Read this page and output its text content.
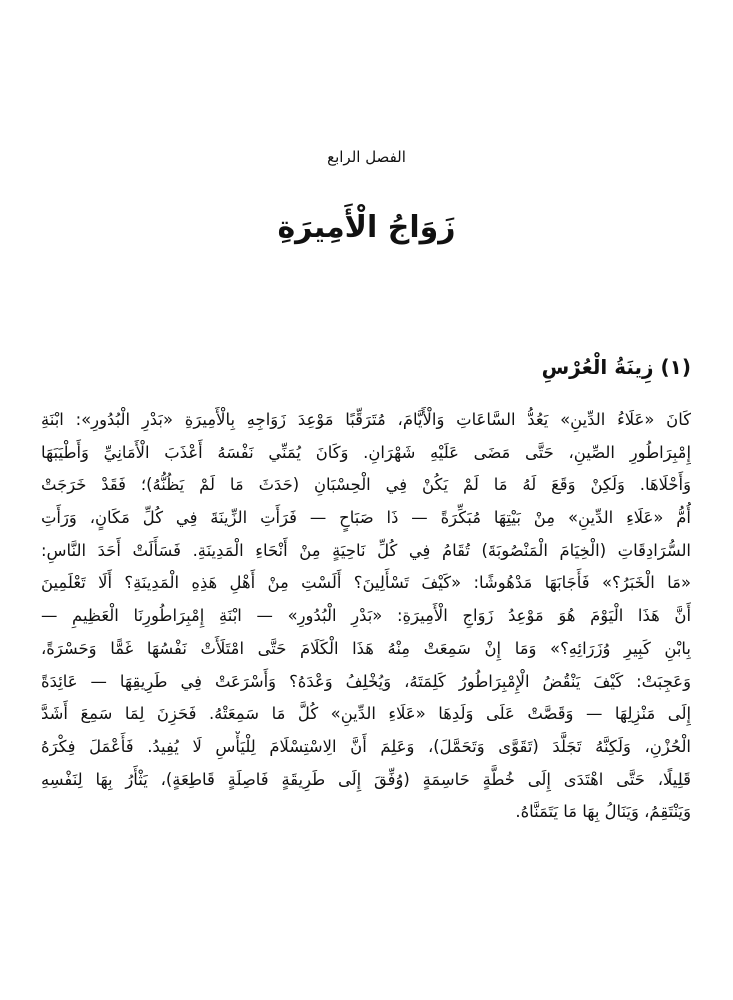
الفصل الرابع

زَوَاجُ الْأَمِيرَةِ
(١) زِينَةُ الْعُرْسِ
كَانَ «عَلَاءُ الدِّينِ» يَعُدُّ السَّاعَاتِ وَالْأَيَّامَ، مُتَرَقِّبًا مَوْعِدَ زَوَاجِهِ بِالْأَمِيرَةِ «بَدْرِ الْبُدُورِ»: ابْنَةِ
إِمْبِرَاطُورِ الصِّينِ، حَتَّى مَضَى عَلَيْهِ شَهْرَانِ. وَكَانَ يُمَنِّي نَفْسَهُ أَعْذَبَ الْأَمَانِيِّ وَأَطْيَبَهَا
وَأَحْلَاهَا. وَلَكِنْ وَقَعَ لَهُ مَا لَمْ يَكُنْ فِي الْحِسْبَانِ (حَدَثَ مَا لَمْ يَظُنُّهُ)؛ فَقَدْ خَرَجَتْ
أُمُّ «عَلَاءِ الدِّينِ» مِنْ بَيْتِهَا مُبَكِّرَةً — ذَا صَبَاحٍ — فَرَأَتِ الزِّينَةَ فِي كُلِّ مَكَانٍ، وَرَأَتِ
السُّرَادِقَاتِ (الْخِيَامَ الْمَنْصُوبَةَ) تُقَامُ فِي كُلِّ نَاحِيَةٍ مِنْ أَنْحَاءِ الْمَدِينَةِ. فَسَأَلَتْ أَحَدَ النَّاسِ:
«مَا الْخَبَرُ؟» فَأَجَابَهَا مَدْهُوشًا: «كَيْفَ تَسْأَلِينَ؟ أَلَسْتِ مِنْ أَهْلِ هَذِهِ الْمَدِينَةِ؟ أَلَا تَعْلَمِينَ
أَنَّ هَذَا الْيَوْمَ هُوَ مَوْعِدُ زَوَاجِ الْأَمِيرَةِ: «بَدْرِ الْبُدُورِ» — ابْنَةِ إِمْبِرَاطُورِنَا الْعَظِيمِ —
بِابْنِ كَبِيرِ وُزَرَائِهِ؟» وَمَا إِنْ سَمِعَتْ مِنْهُ هَذَا الْكَلَامَ حَتَّى امْتَلَأَتْ نَفْسُهَا غَمًّا وَحَسْرَةً،
وَعَجِبَتْ: كَيْفَ يَنْقُضُ الْإِمْبِرَاطُورُ كَلِمَتَهُ، وَيُخْلِفُ وَعْدَهُ؟ وَأَسْرَعَتْ فِي طَرِيقِهَا — عَائِدَةً
إِلَى مَنْزِلِهَا — وَقَصَّتْ عَلَى وَلَدِهَا «عَلَاءِ الدِّينِ» كُلَّ مَا سَمِعَتْهُ. فَحَزِنَ لِمَا سَمِعَ أَشَدَّ
الْحُزْنِ، وَلَكِنَّهُ تَجَلَّدَ (تَقَوَّى وَتَحَمَّلَ)، وَعَلِمَ أَنَّ الِاسْتِسْلَامَ لِلْيَأْسِ لَا يُفِيدُ. فَأَعْمَلَ فِكْرَهُ
قَلِيلًا، حَتَّى اهْتَدَى إِلَى خُطَّةٍ حَاسِمَةٍ (وُفِّقَ إِلَى طَرِيقَةٍ فَاصِلَةٍ قَاطِعَةٍ)، يَثْأَرُ بِهَا لِنَفْسِهِ
وَيَنْتَقِمُ، وَيَنَالُ بِهَا مَا يَتَمَنَّاهُ.
